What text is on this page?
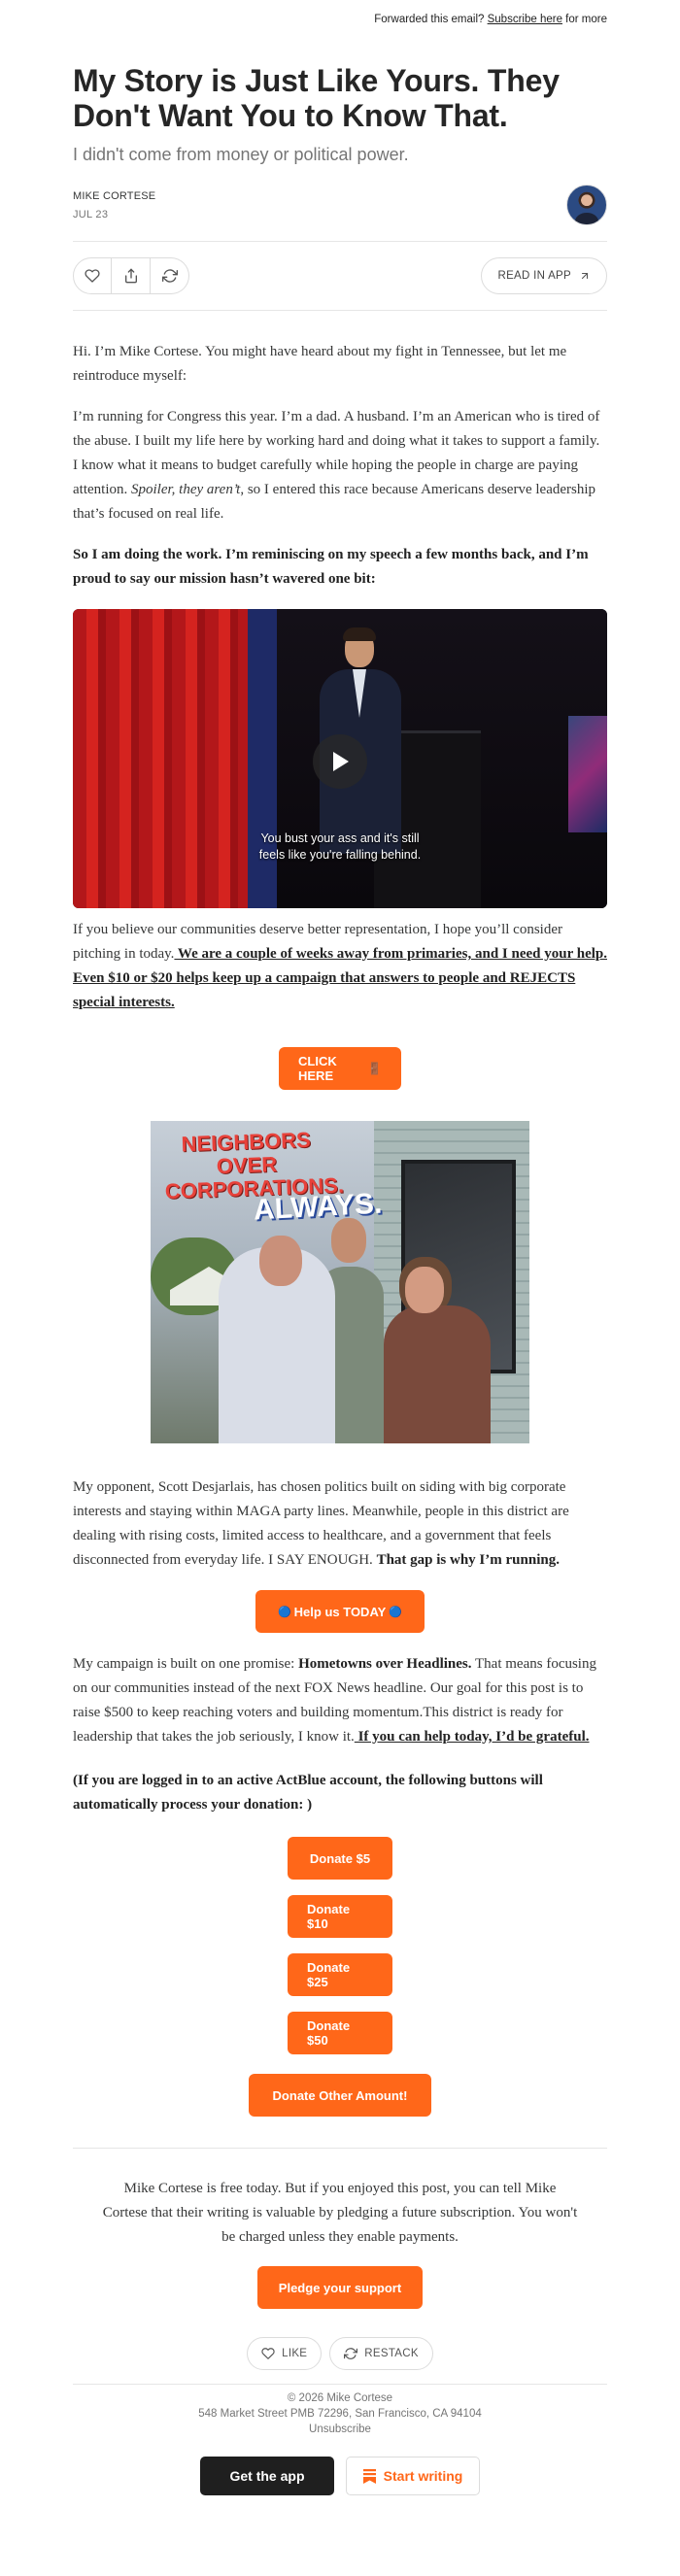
Forwarded this email? Subscribe here for more
My Story is Just Like Yours. They Don't Want You to Know That.
I didn't come from money or political power.
MIKE CORTESE
JUL 23
READ IN APP

Hi. I’m Mike Cortese. You might have heard about my fight in Tennessee, but let me reintroduce myself:

I’m running for Congress this year. I’m a dad. A husband. I’m an American who is tired of the abuse. I built my life here by working hard and doing what it takes to support a family. I know what it means to budget carefully while hoping the people in charge are paying attention. Spoiler, they aren’t, so I entered this race because Americans deserve leadership that’s focused on real life.

So I am doing the work. I’m reminiscing on my speech a few months back, and I’m proud to say our mission hasn’t wavered one bit:

You bust your ass and it's still
feels like you're falling behind.

If you believe our communities deserve better representation, I hope you’ll consider pitching in today. We are a couple of weeks away from primaries, and I need your help. Even $10 or $20 helps keep up a campaign that answers to people and REJECTS special interests.

CLICK HERE	🚪
NEIGHBORS OVER CORPORATIONS.
ALWAYS.

My opponent, Scott Desjarlais, has chosen politics built on siding with big corporate interests and staying within MAGA party lines. Meanwhile, people in this district are dealing with rising costs, limited access to healthcare, and a government that feels disconnected from everyday life. I SAY ENOUGH. That gap is why I’m running.

🔵 Help us TODAY 🔵

My campaign is built on one promise: Hometowns over Headlines. That means focusing on our communities instead of the next FOX News headline. Our goal for this post is to raise $500 to keep reaching voters and building momentum.This district is ready for leadership that takes the job seriously, I know it. If you can help today, I’d be grateful.

(If you are logged in to an active ActBlue account, the following buttons will automatically process your donation: )

Donate $5
Donate $10
Donate $25
Donate $50
Donate Other Amount!

Mike Cortese is free today. But if you enjoyed this post, you can tell Mike Cortese that their writing is valuable by pledging a future subscription. You won't be charged unless they enable payments.

Pledge your support
LIKE	RESTACK
© 2026 Mike Cortese
548 Market Street PMB 72296, San Francisco, CA 94104
Unsubscribe
Get the app	Start writing
